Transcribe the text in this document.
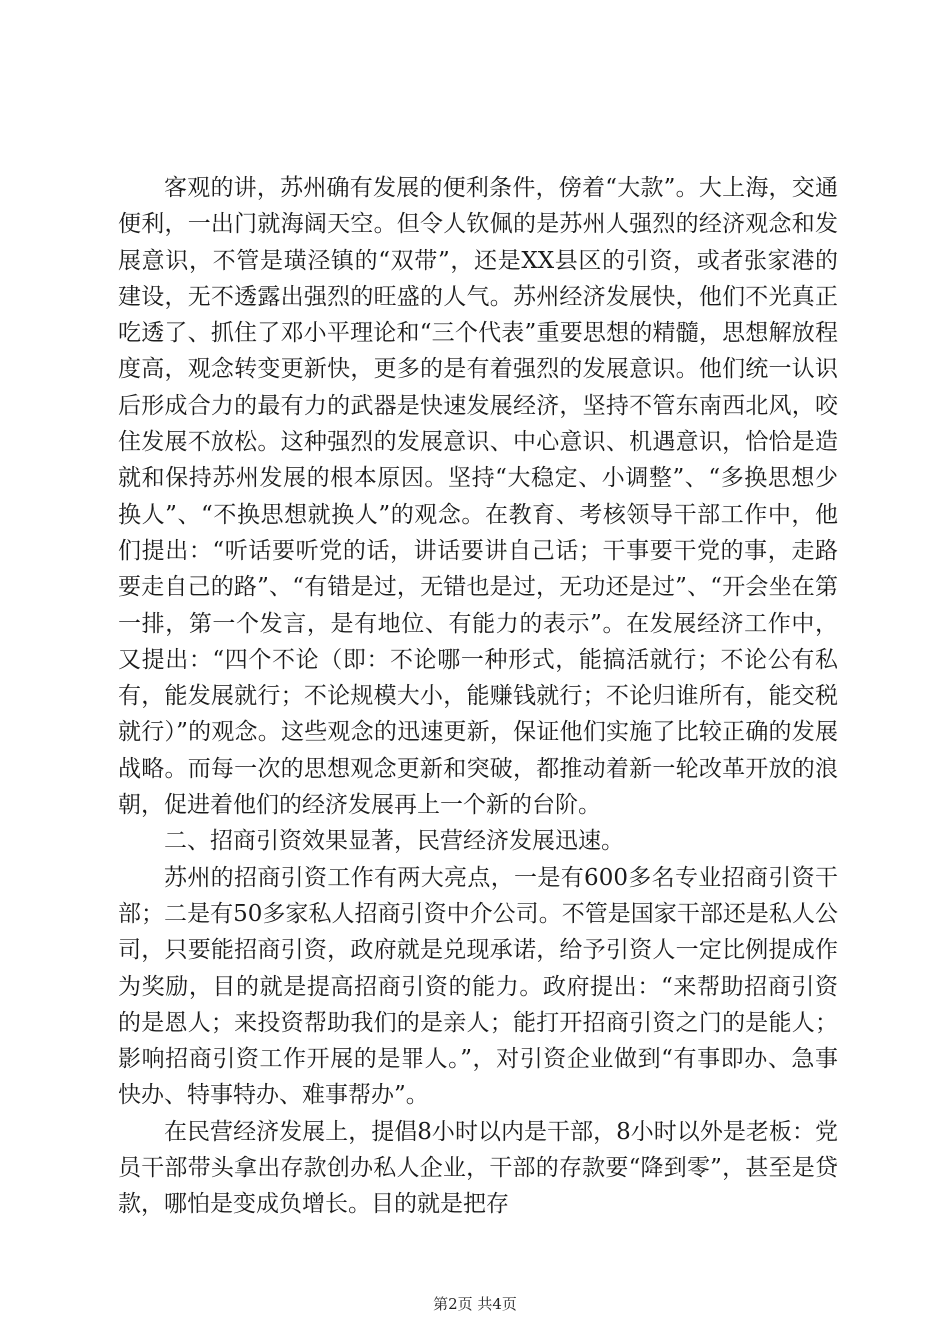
客观的讲，苏州确有发展的便利条件，傍着“大款”。大上海，交通便利，一出门就海阔天空。但令人钦佩的是苏州人强烈的经济观念和发展意识，不管是璜泾镇的“双带”，还是XX县区的引资，或者张家港的建设，无不透露出强烈的旺盛的人气。苏州经济发展快，他们不光真正吃透了、抓住了邓小平理论和“三个代表”重要思想的精髓，思想解放程度高，观念转变更新快，更多的是有着强烈的发展意识。他们统一认识后形成合力的最有力的武器是快速发展经济，坚持不管东南西北风，咬住发展不放松。这种强烈的发展意识、中心意识、机遇意识，恰恰是造就和保持苏州发展的根本原因。坚持“大稳定、小调整”、“多换思想少换人”、“不换思想就换人”的观念。在教育、考核领导干部工作中，他们提出：“听话要听党的话，讲话要讲自己话；干事要干党的事，走路要走自己的路”、“有错是过，无错也是过，无功还是过”、“开会坐在第一排，第一个发言，是有地位、有能力的表示”。在发展经济工作中，又提出：“四个不论（即：不论哪一种形式，能搞活就行；不论公有私有，能发展就行；不论规模大小，能赚钱就行；不论归谁所有，能交税就行）”的观念。这些观念的迅速更新，保证他们实施了比较正确的发展战略。而每一次的思想观念更新和突破，都推动着新一轮改革开放的浪朝，促进着他们的经济发展再上一个新的台阶。

二、招商引资效果显著，民营经济发展迅速。

苏州的招商引资工作有两大亮点，一是有600多名专业招商引资干部；二是有50多家私人招商引资中介公司。不管是国家干部还是私人公司，只要能招商引资，政府就是兑现承诺，给予引资人一定比例提成作为奖励，目的就是提高招商引资的能力。政府提出：“来帮助招商引资的是恩人；来投资帮助我们的是亲人；能打开招商引资之门的是能人；影响招商引资工作开展的是罪人。”，对引资企业做到“有事即办、急事快办、特事特办、难事帮办”。

在民营经济发展上，提倡8小时以内是干部，8小时以外是老板：党员干部带头拿出存款创办私人企业，干部的存款要“降到零”，甚至是贷款，哪怕是变成负增长。目的就是把存

第2页 共4页
